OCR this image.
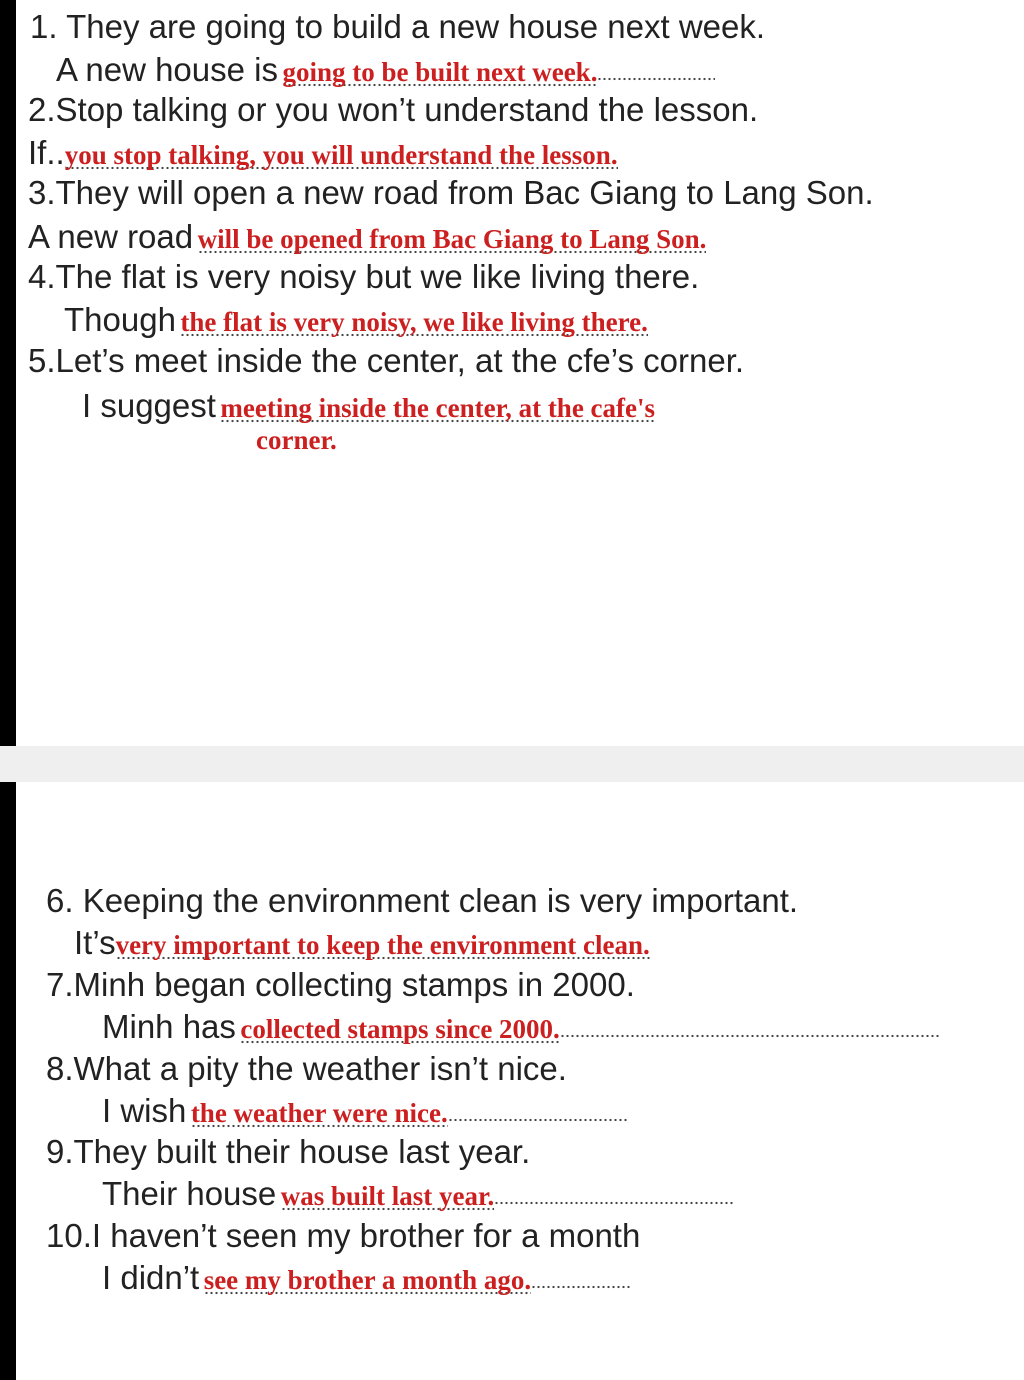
1. They are going to build a new house next week.
A new house is going to be built next week.
2.Stop talking or you won’t understand the lesson.
If..you stop talking, you will understand the lesson.
3.They will open a new road from Bac Giang to Lang Son.
A new road will be opened from Bac Giang to Lang Son.
4.The flat is very noisy but we like living there.
Though the flat is very noisy, we like living there.
5.Let’s meet inside the center, at the cfe’s corner.
I suggest meeting inside the center, at the cafe's
corner.
6. Keeping the environment clean is very important.
It’svery important to keep the environment clean.
7.Minh began collecting stamps in 2000.
Minh has collected stamps since 2000.
8.What a pity the weather isn’t nice.
I wish the weather were nice.
9.They built their house last year.
Their house was built last year.
10.I haven’t seen my brother for a month
I didn’t see my brother a month ago.
